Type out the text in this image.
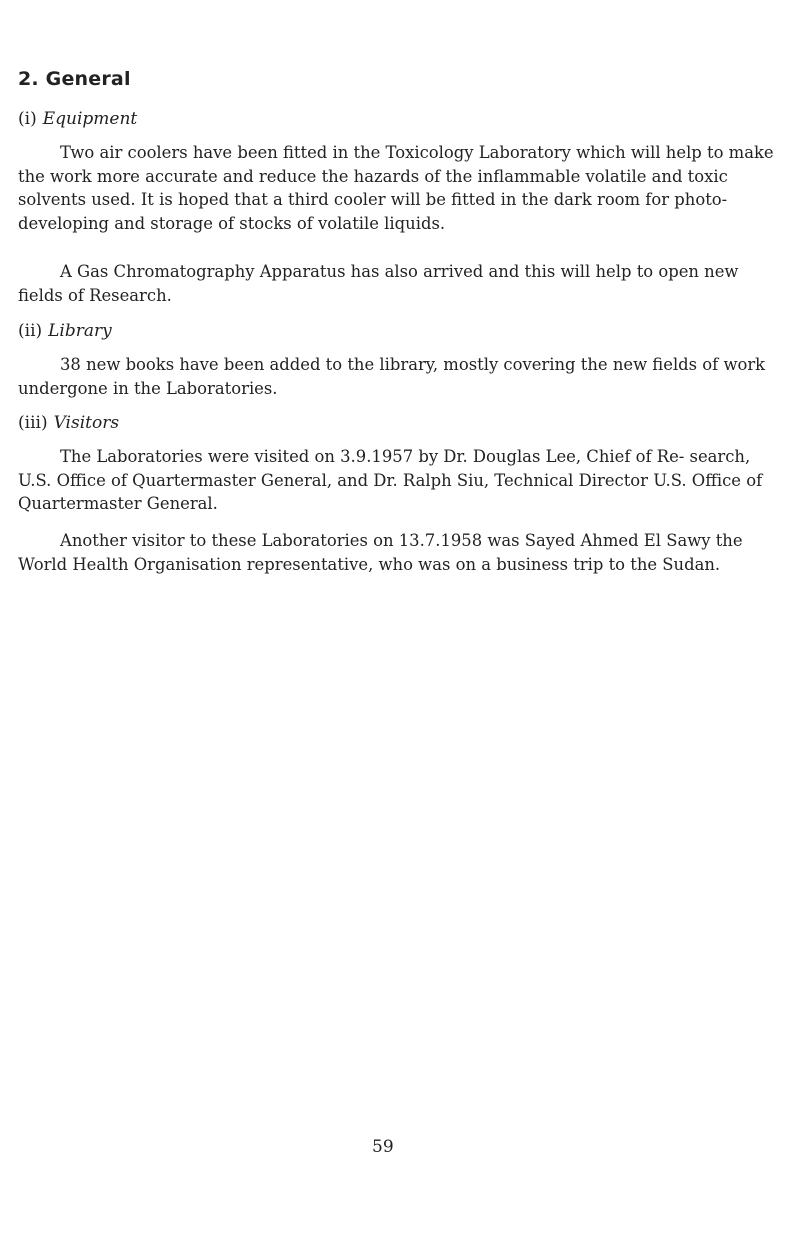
2. General
(i) Equipment

Two air coolers have been fitted in the Toxicology Laboratory which will help to make the work more accurate and reduce the hazards of the inflammable volatile and toxic solvents used. It is hoped that a third cooler will be fitted in the dark room for photo-developing and storage of stocks of volatile liquids.

A Gas Chromatography Apparatus has also arrived and this will help to open new fields of Research.

(ii) Library

38 new books have been added to the library, mostly covering the new fields of work undergone in the Laboratories.

(iii) Visitors

The Laboratories were visited on 3.9.1957 by Dr. Douglas Lee, Chief of Re- search, U.S. Office of Quartermaster General, and Dr. Ralph Siu, Technical Director U.S. Office of Quartermaster General.

Another visitor to these Laboratories on 13.7.1958 was Sayed Ahmed El Sawy the World Health Organisation representative, who was on a business trip to the Sudan.

59
